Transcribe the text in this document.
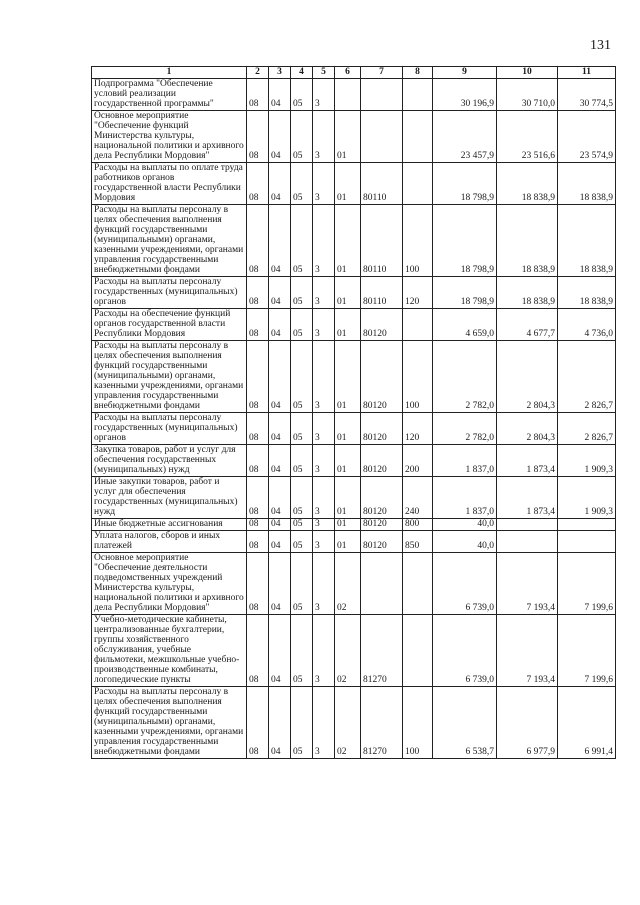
131
1	2	3	4	5	6	7	8	9	10	11
Подпрограмма "Обеспечение условий реализации государственной программы"	08	04	05	3				30 196,9	30 710,0	30 774,5
Основное мероприятие "Обеспечение функций Министерства культуры, национальной политики и архивного дела Республики Мордовия"	08	04	05	3	01			23 457,9	23 516,6	23 574,9
Расходы на выплаты по оплате труда работников органов государственной власти Республики Мордовия	08	04	05	3	01	80110		18 798,9	18 838,9	18 838,9
Расходы на выплаты персоналу в целях обеспечения выполнения функций государственными (муниципальными) органами, казенными учреждениями, органами управления государственными внебюджетными фондами	08	04	05	3	01	80110	100	18 798,9	18 838,9	18 838,9
Расходы на выплаты персоналу государственных (муниципальных) органов	08	04	05	3	01	80110	120	18 798,9	18 838,9	18 838,9
Расходы на обеспечение функций органов государственной власти Республики Мордовия	08	04	05	3	01	80120		4 659,0	4 677,7	4 736,0
Расходы на выплаты персоналу в целях обеспечения выполнения функций государственными (муниципальными) органами, казенными учреждениями, органами управления государственными внебюджетными фондами	08	04	05	3	01	80120	100	2 782,0	2 804,3	2 826,7
Расходы на выплаты персоналу государственных (муниципальных) органов	08	04	05	3	01	80120	120	2 782,0	2 804,3	2 826,7
Закупка товаров, работ и услуг для обеспечения государственных (муниципальных) нужд	08	04	05	3	01	80120	200	1 837,0	1 873,4	1 909,3
Иные закупки товаров, работ и услуг для обеспечения государственных (муниципальных) нужд	08	04	05	3	01	80120	240	1 837,0	1 873,4	1 909,3
Иные бюджетные ассигнования	08	04	05	3	01	80120	800	40,0		
Уплата налогов, сборов и иных платежей	08	04	05	3	01	80120	850	40,0		
Основное мероприятие "Обеспечение деятельности подведомственных учреждений Министерства культуры, национальной политики и архивного дела Республики Мордовия"	08	04	05	3	02			6 739,0	7 193,4	7 199,6
Учебно-методические кабинеты, централизованные бухгалтерии, группы хозяйственного обслуживания, учебные фильмотеки, межшкольные учебно-производственные комбинаты, логопедические пункты	08	04	05	3	02	81270		6 739,0	7 193,4	7 199,6
Расходы на выплаты персоналу в целях обеспечения выполнения функций государственными (муниципальными) органами, казенными учреждениями, органами управления государственными внебюджетными фондами	08	04	05	3	02	81270	100	6 538,7	6 977,9	6 991,4
